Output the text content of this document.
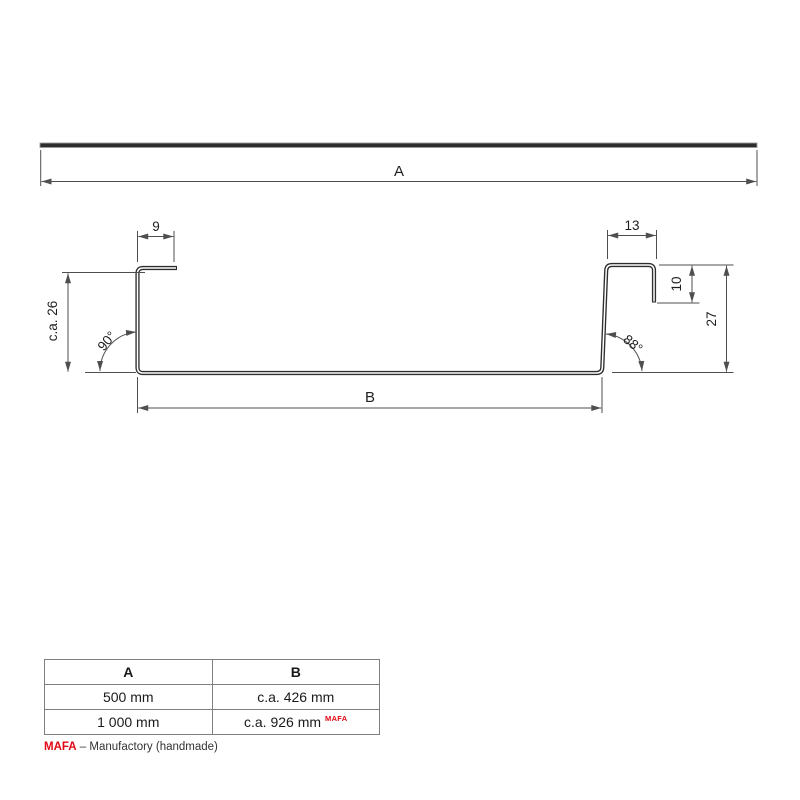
A
9	13
c.a. 26	90°	88°
10
27
B
A	B
500 mm	c.a. 426 mm
1 000 mm	c.a. 926 mm $^{MAFA}$
MAFA – Manufactory (handmade)
